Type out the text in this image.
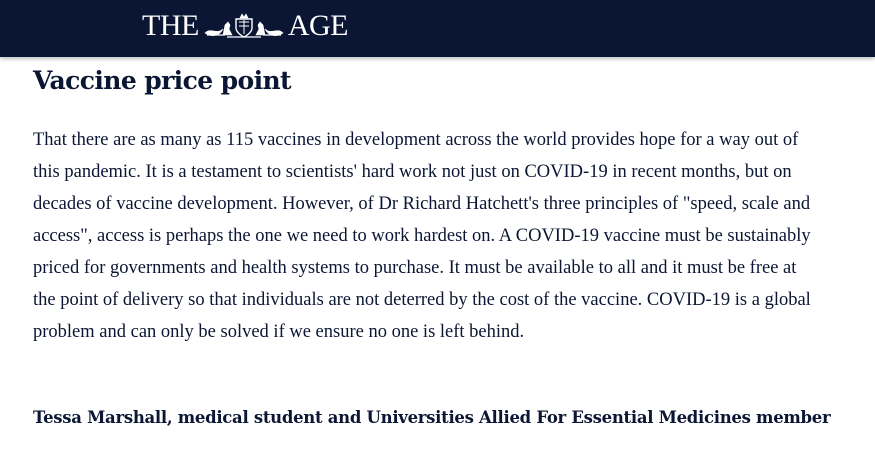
THE	AGE
Vaccine price point

That there are as many as 115 vaccines in development across the world provides hope for a way out of this pandemic. It is a testament to scientists' hard work not just on COVID-19 in recent months, but on decades of vaccine development. However, of Dr Richard Hatchett's three principles of "speed, scale and access", access is perhaps the one we need to work hardest on. A COVID-19 vaccine must be sustainably priced for governments and health systems to purchase. It must be available to all and it must be free at the point of delivery so that individuals are not deterred by the cost of the vaccine. COVID-19 is a global problem and can only be solved if we ensure no one is left behind.

Tessa Marshall, medical student and Universities Allied For Essential Medicines member
